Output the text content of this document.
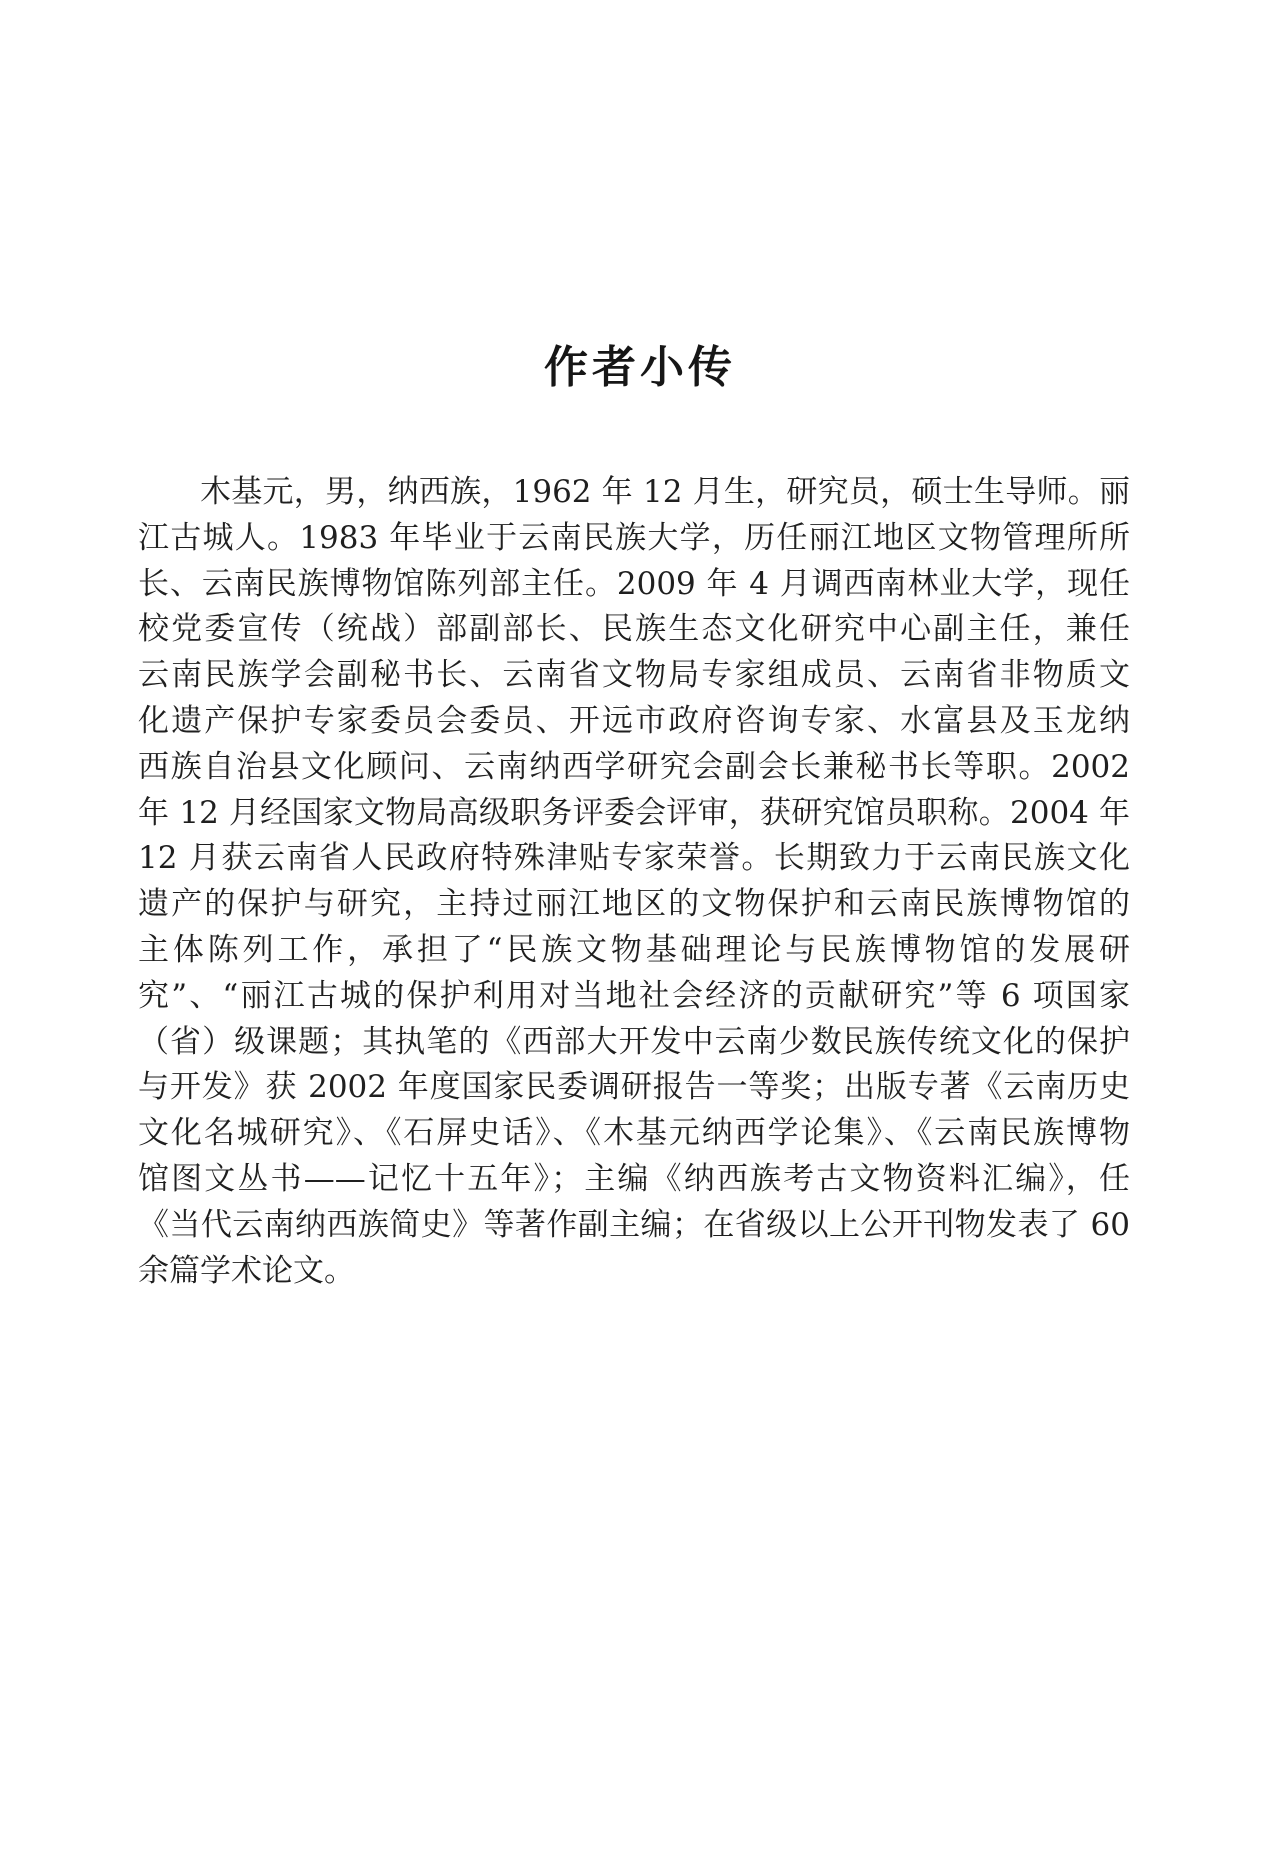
作者小传
木基元，男，纳西族，1962 年 12 月生，研究员，硕士生导师。丽
江古城人。1983 年毕业于云南民族大学，历任丽江地区文物管理所所
长、云南民族博物馆陈列部主任。2009 年 4 月调西南林业大学，现任
校党委宣传（统战）部副部长、民族生态文化研究中心副主任，兼任
云南民族学会副秘书长、云南省文物局专家组成员、云南省非物质文
化遗产保护专家委员会委员、开远市政府咨询专家、水富县及玉龙纳
西族自治县文化顾问、云南纳西学研究会副会长兼秘书长等职。2002
年 12 月经国家文物局高级职务评委会评审，获研究馆员职称。2004 年
12 月获云南省人民政府特殊津贴专家荣誉。长期致力于云南民族文化
遗产的保护与研究，主持过丽江地区的文物保护和云南民族博物馆的
主体陈列工作，承担了“民族文物基础理论与民族博物馆的发展研
究”、“丽江古城的保护利用对当地社会经济的贡献研究”等 6 项国家
（省）级课题；其执笔的《西部大开发中云南少数民族传统文化的保护
与开发》获 2002 年度国家民委调研报告一等奖；出版专著《云南历史
文化名城研究》、《石屏史话》、《木基元纳西学论集》、《云南民族博物
馆图文丛书——记忆十五年》；主编《纳西族考古文物资料汇编》，任
《当代云南纳西族简史》等著作副主编；在省级以上公开刊物发表了 60
余篇学术论文。
